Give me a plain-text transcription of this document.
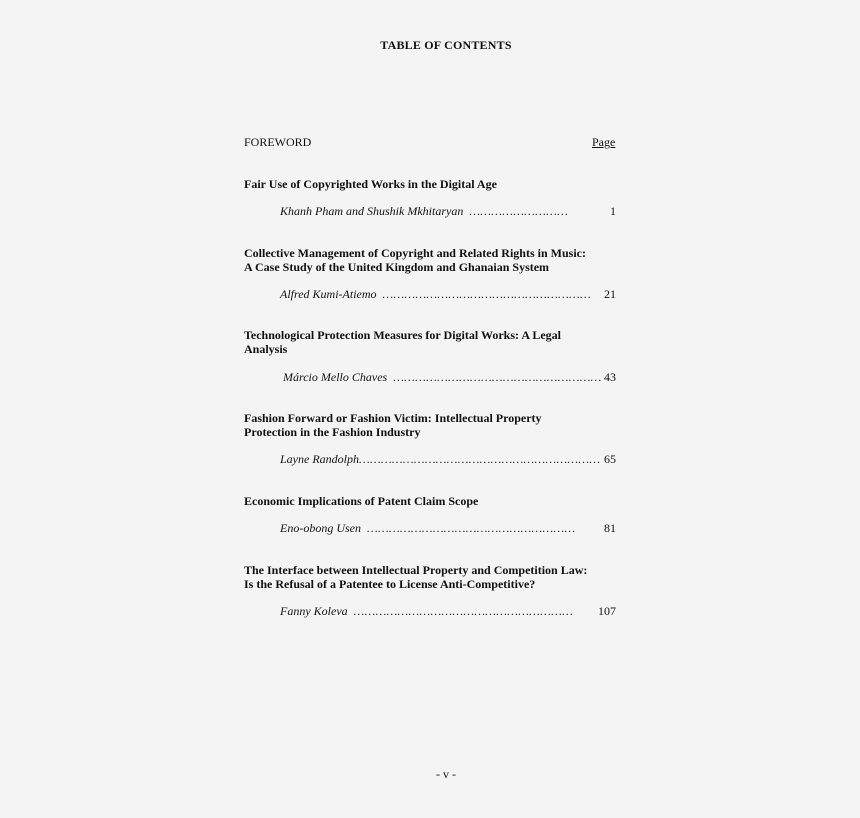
TABLE OF CONTENTS
FOREWORD	Page
Fair Use of Copyrighted Works in the Digital Age
Khanh Pham and Shushik Mkhitaryan ………………………	1
Collective Management of Copyright and Related Rights in Music:
A Case Study of the United Kingdom and Ghanaian System
Alfred Kumi-Atiemo ………………………………………………… 21
Technological Protection Measures for Digital Works: A Legal
Analysis
Márcio Mello Chaves ………………………………………………… 43
Fashion Forward or Fashion Victim: Intellectual Property
Protection in the Fashion Industry
Layne Randolph………………………………………………………… 65
Economic Implications of Patent Claim Scope
Eno-obong Usen ………………………………………………… 81
The Interface between Intellectual Property and Competition Law:
Is the Refusal of a Patentee to License Anti-Competitive?
Fanny Koleva …………………………………………………… 107
- v -
